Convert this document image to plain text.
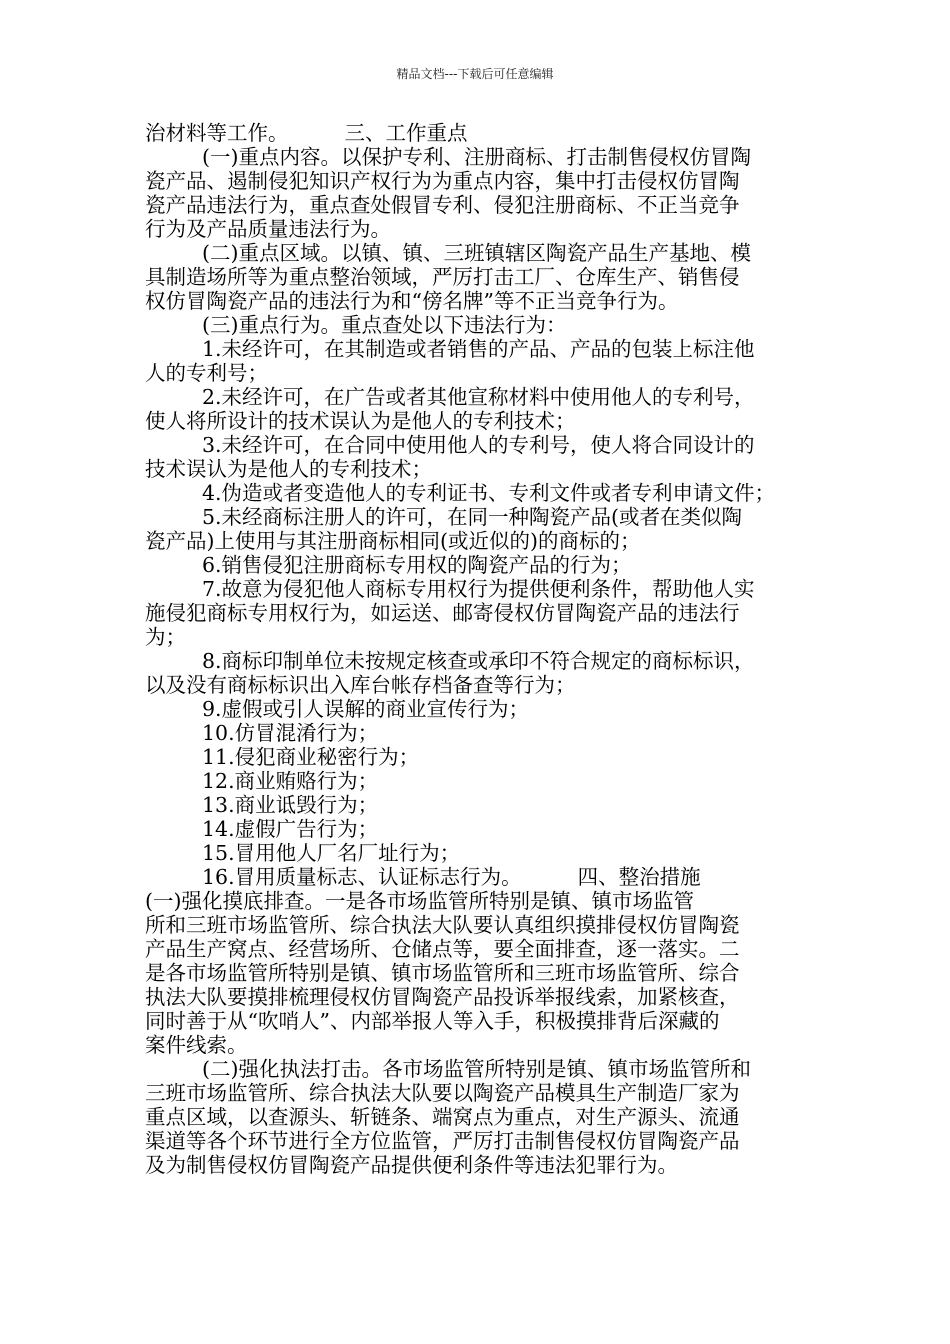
精品文档---下载后可任意编辑
治材料等工作。	三、工作重点
(一)重点内容。以保护专利、注册商标、打击制售侵权仿冒陶
瓷产品、遏制侵犯知识产权行为为重点内容，集中打击侵权仿冒陶
瓷产品违法行为，重点查处假冒专利、侵犯注册商标、不正当竞争
行为及产品质量违法行为。
(二)重点区域。以镇、镇、三班镇辖区陶瓷产品生产基地、模
具制造场所等为重点整治领域，严厉打击工厂、仓库生产、销售侵
权仿冒陶瓷产品的违法行为和“傍名牌”等不正当竞争行为。
(三)重点行为。重点查处以下违法行为：
1.未经许可，在其制造或者销售的产品、产品的包装上标注他
人的专利号；
2.未经许可，在广告或者其他宣称材料中使用他人的专利号，
使人将所设计的技术误认为是他人的专利技术；
3.未经许可，在合同中使用他人的专利号，使人将合同设计的
技术误认为是他人的专利技术；
4.伪造或者变造他人的专利证书、专利文件或者专利申请文件；
5.未经商标注册人的许可，在同一种陶瓷产品(或者在类似陶
瓷产品)上使用与其注册商标相同(或近似的)的商标的；
6.销售侵犯注册商标专用权的陶瓷产品的行为；
7.故意为侵犯他人商标专用权行为提供便利条件，帮助他人实
施侵犯商标专用权行为，如运送、邮寄侵权仿冒陶瓷产品的违法行
为；
8.商标印制单位未按规定核查或承印不符合规定的商标标识，
以及没有商标标识出入库台帐存档备查等行为；
9.虚假或引人误解的商业宣传行为；
10.仿冒混淆行为；
11.侵犯商业秘密行为；
12.商业贿赂行为；
13.商业诋毁行为；
14.虚假广告行为；
15.冒用他人厂名厂址行为；
16.冒用质量标志、认证标志行为。	四、整治措施
(一)强化摸底排查。一是各市场监管所特别是镇、镇市场监管
所和三班市场监管所、综合执法大队要认真组织摸排侵权仿冒陶瓷
产品生产窝点、经营场所、仓储点等，要全面排查，逐一落实。二
是各市场监管所特别是镇、镇市场监管所和三班市场监管所、综合
执法大队要摸排梳理侵权仿冒陶瓷产品投诉举报线索，加紧核查，
同时善于从“吹哨人”、内部举报人等入手，积极摸排背后深藏的
案件线索。
(二)强化执法打击。各市场监管所特别是镇、镇市场监管所和
三班市场监管所、综合执法大队要以陶瓷产品模具生产制造厂家为
重点区域，以查源头、斩链条、端窝点为重点，对生产源头、流通
渠道等各个环节进行全方位监管，严厉打击制售侵权仿冒陶瓷产品
及为制售侵权仿冒陶瓷产品提供便利条件等违法犯罪行为。
